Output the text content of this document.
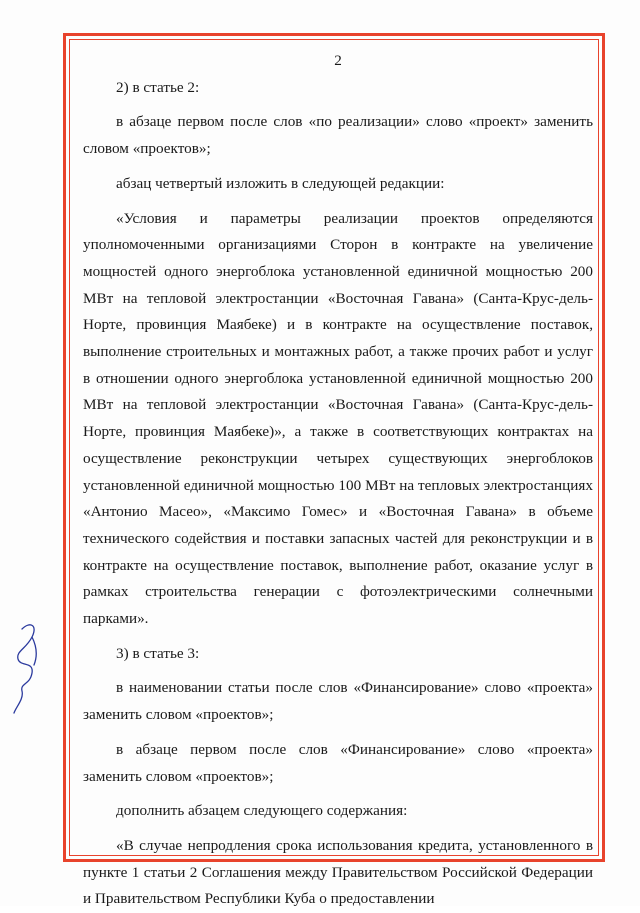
2

2) в статье 2:

в абзаце первом после слов «по реализации» слово «проект» заменить словом «проектов»;

абзац четвертый изложить в следующей редакции:

«Условия и параметры реализации проектов определяются уполномоченными организациями Сторон в контракте на увеличение мощностей одного энергоблока установленной единичной мощностью 200 МВт на тепловой электростанции «Восточная Гавана» (Санта-Крус-дель-Норте, провинция Маябеке) и в контракте на осуществление поставок, выполнение строительных и монтажных работ, а также прочих работ и услуг в отношении одного энергоблока установленной единичной мощностью 200 МВт на тепловой электростанции «Восточная Гавана» (Санта-Крус-дель-Норте, провинция Маябеке)», а также в соответствующих контрактах на осуществление реконструкции четырех существующих энергоблоков установленной единичной мощностью 100 МВт на тепловых электростанциях «Антонио Масео», «Максимо Гомес» и «Восточная Гавана» в объеме технического содействия и поставки запасных частей для реконструкции и в контракте на осуществление поставок, выполнение работ, оказание услуг в рамках строительства генерации с фотоэлектрическими солнечными парками».

3) в статье 3:

в наименовании статьи после слов «Финансирование» слово «проекта» заменить словом «проектов»;

в абзаце первом после слов «Финансирование» слово «проекта» заменить словом «проектов»;

дополнить абзацем следующего содержания:

«В случае непродления срока использования кредита, установленного в пункте 1 статьи 2 Соглашения между Правительством Российской Федерации и Правительством Республики Куба о предоставлении
